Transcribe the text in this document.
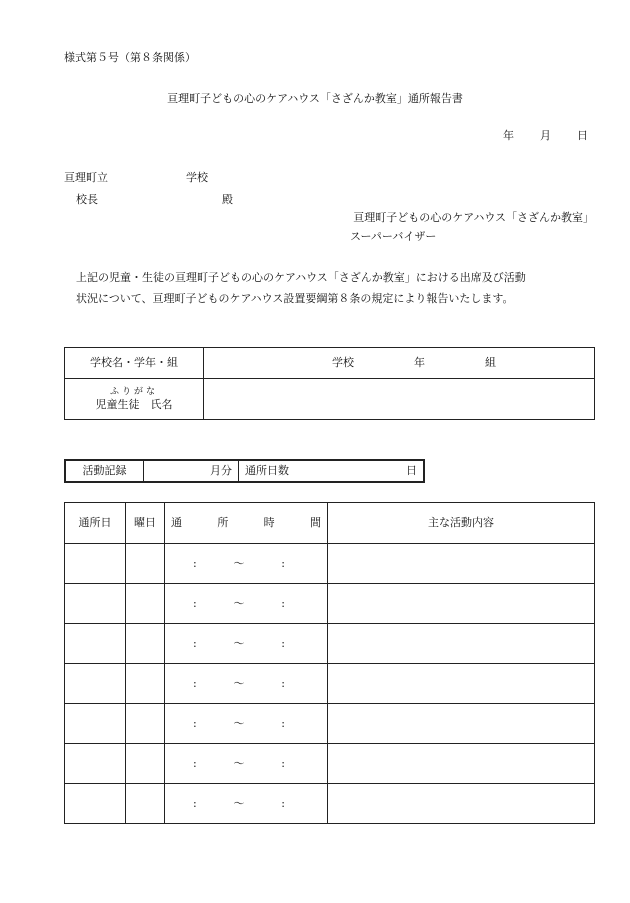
様式第５号（第８条関係）
亘理町子どもの心のケアハウス「さざんか教室」通所報告書
年 月 日
亘理町立	学校
校長	殿
亘理町子どもの心のケアハウス「さざんか教室」
スーパーバイザー

上記の児童・生徒の亘理町子どもの心のケアハウス「さざんか教室」における出席及び活動

状況について、亘理町子どものケアハウス設置要綱第８条の規定により報告いたします。

学校名・学年・組	学校 年 組

ふりがな
児童生徒　氏名	
活動記録	月分	通所日数	日
通所日	曜日	通 所 時 間	主な活動内容

		: ～ :	

		: ～ :	

		: ～ :	

		: ～ :	

		: ～ :	

		: ～ :	

		: ～ :	
